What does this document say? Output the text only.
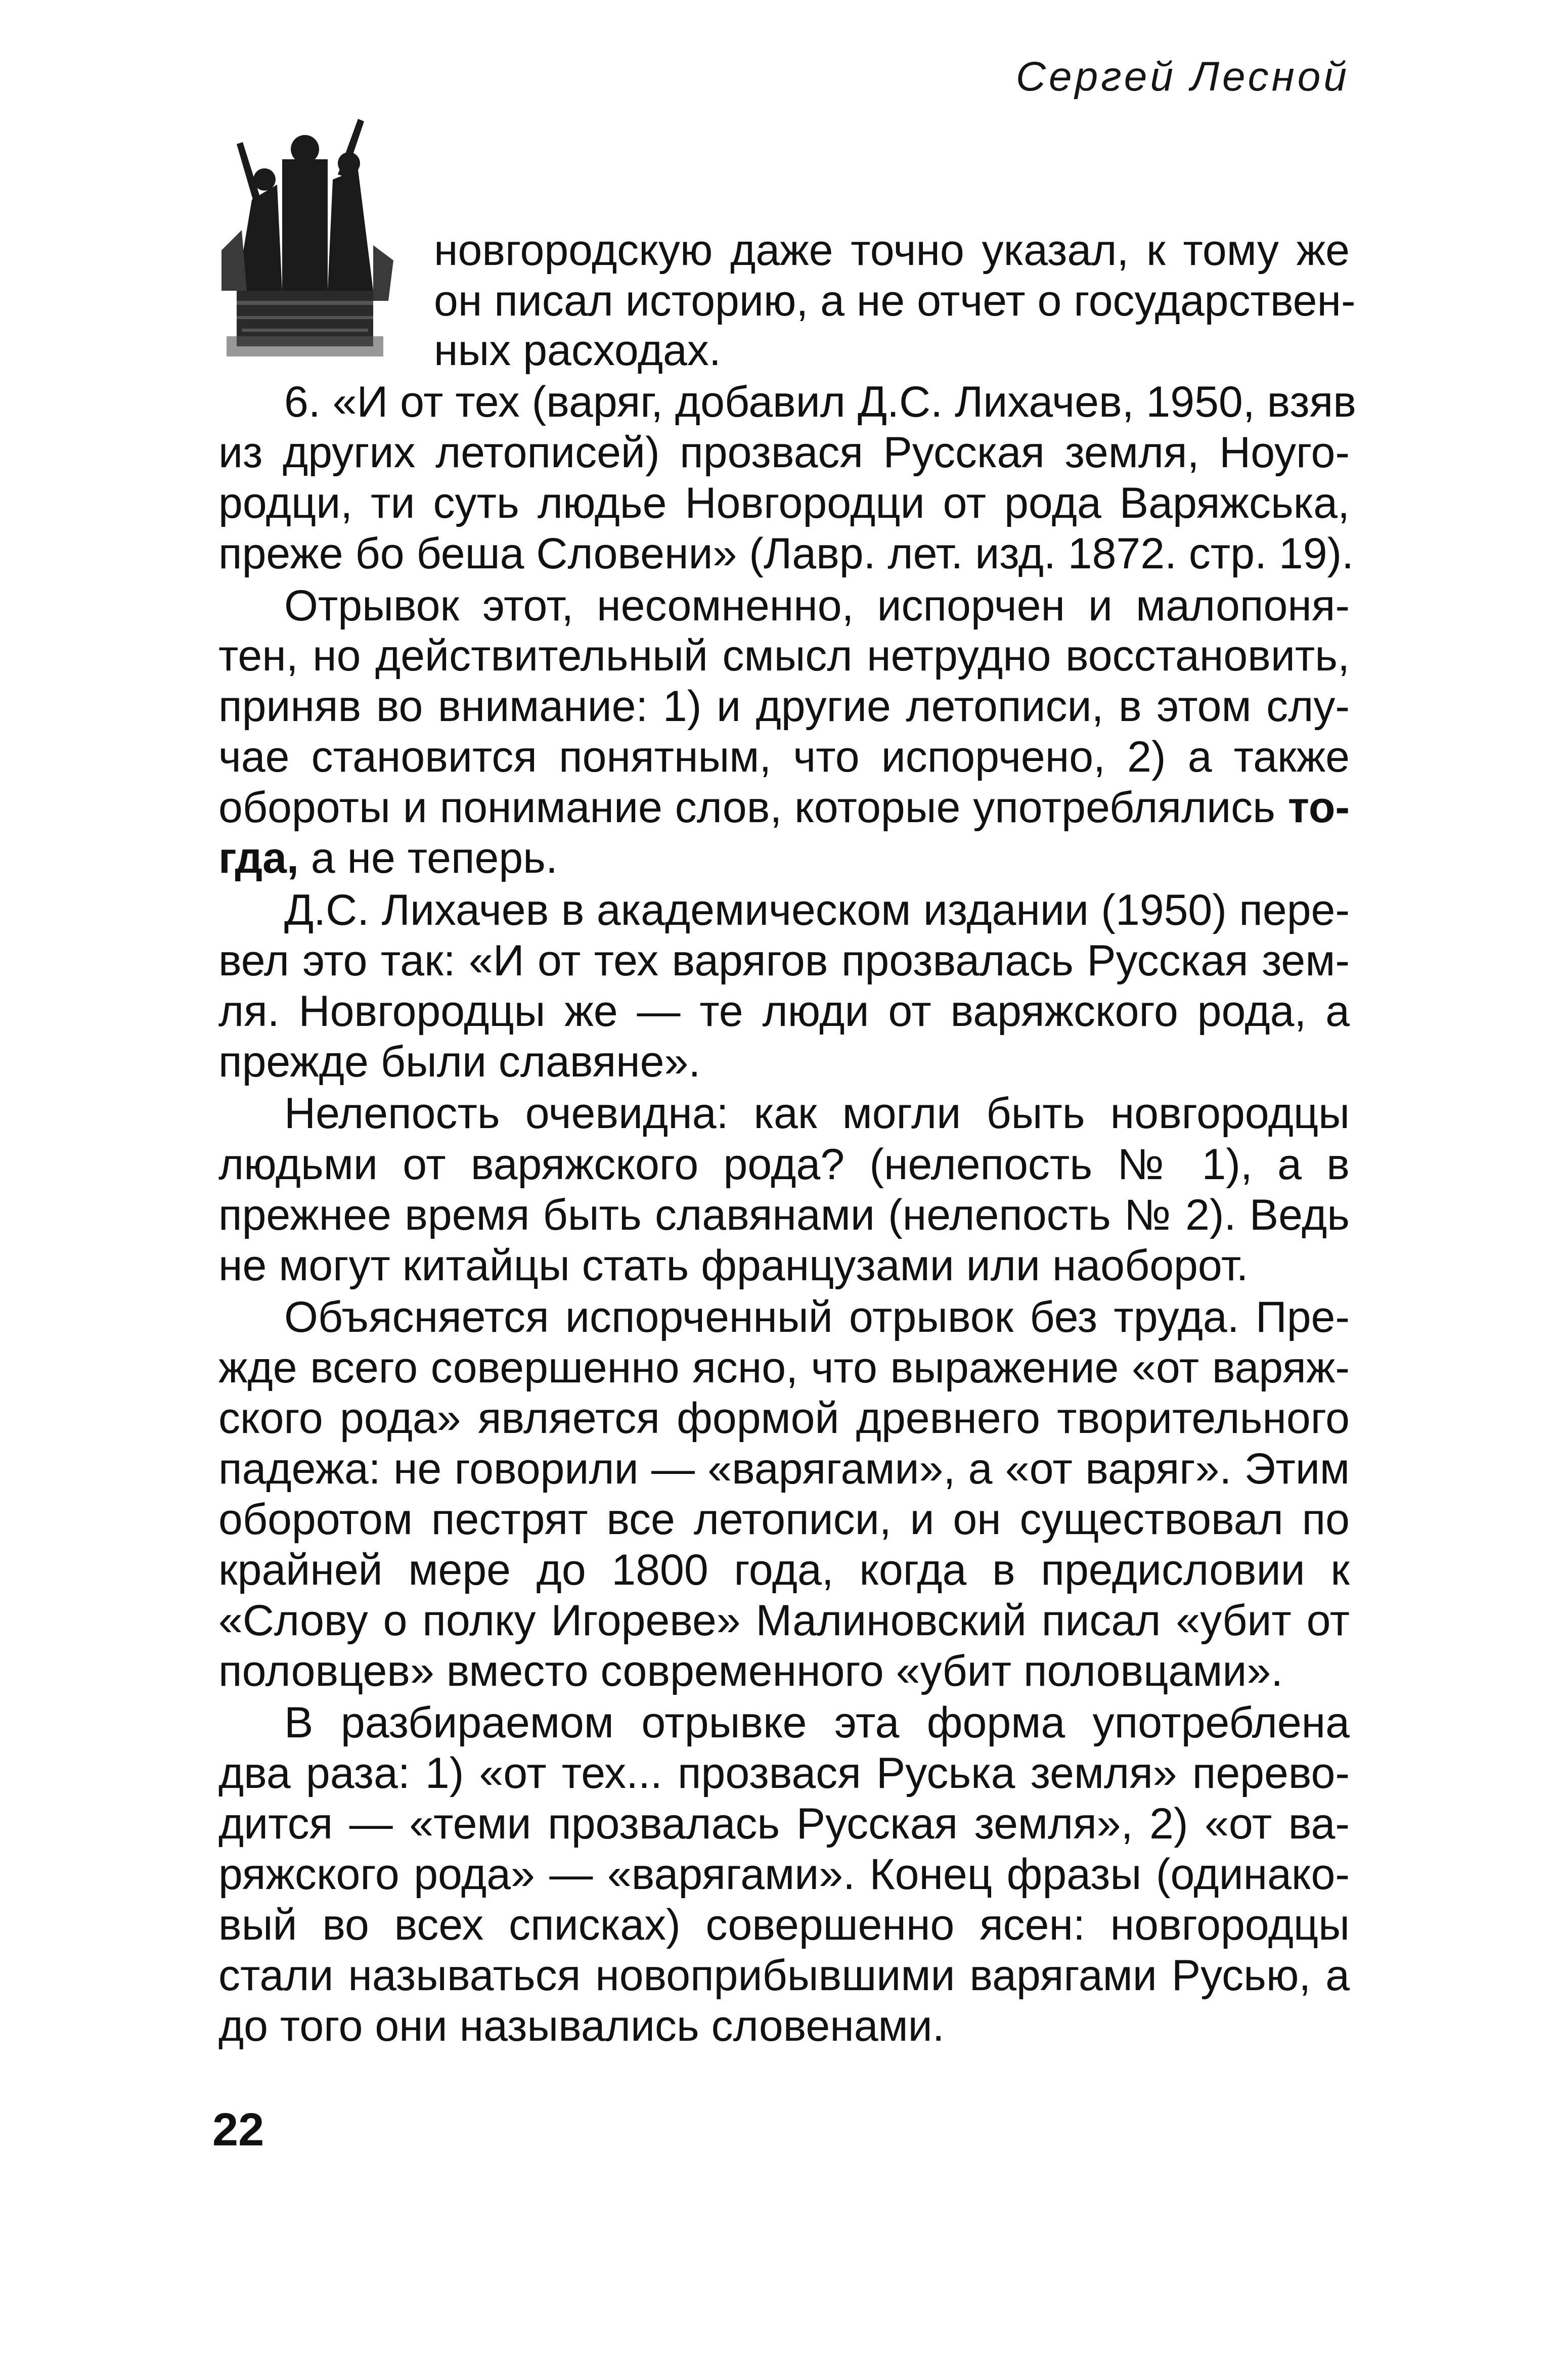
Сергей Лесной
новгородскую даже точно указал, к тому же
он писал историю, а не отчет о государствен-
ных расходах.
6. «И от тех (варяг, добавил Д.С. Лихачев, 1950, взяв
из других летописей) прозвася Русская земля, Ноуго-
родци, ти суть людье Новгородци от рода Варяжська,
преже бо беша Словени» (Лавр. лет. изд. 1872. стр. 19).
Отрывок этот, несомненно, испорчен и малопоня-
тен, но действительный смысл нетрудно восстановить,
приняв во внимание: 1) и другие летописи, в этом слу-
чае становится понятным, что испорчено, 2) а также
обороты и понимание слов, которые употреблялись то-
гда, а не теперь.
Д.С. Лихачев в академическом издании (1950) пере-
вел это так: «И от тех варягов прозвалась Русская зем-
ля. Новгородцы же — те люди от варяжского рода, а
прежде были славяне».
Нелепость очевидна: как могли быть новгородцы
людьми от варяжского рода? (нелепость № 1), а в
прежнее время быть славянами (нелепость № 2). Ведь
не могут китайцы стать французами или наоборот.
Объясняется испорченный отрывок без труда. Пре-
жде всего совершенно ясно, что выражение «от варяж-
ского рода» является формой древнего творительного
падежа: не говорили — «варягами», а «от варяг». Этим
оборотом пестрят все летописи, и он существовал по
крайней мере до 1800 года, когда в предисловии к
«Слову о полку Игореве» Малиновский писал «убит от
половцев» вместо современного «убит половцами».
В разбираемом отрывке эта форма употреблена
два раза: 1) «от тех... прозвася Руська земля» перево-
дится — «теми прозвалась Русская земля», 2) «от ва-
ряжского рода» — «варягами». Конец фразы (одинако-
вый во всех списках) совершенно ясен: новгородцы
стали называться новоприбывшими варягами Русью, а
до того они назывались словенами.
22
